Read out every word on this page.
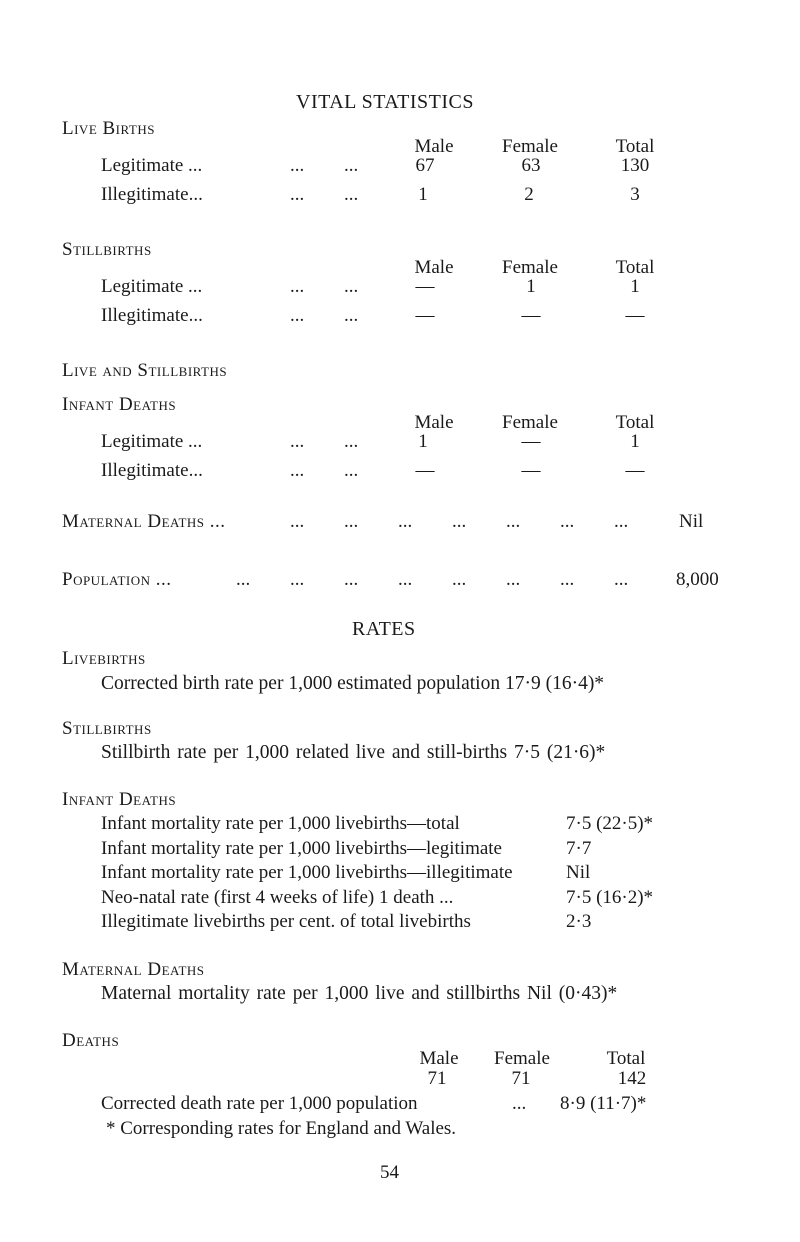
VITAL STATISTICS
Live Births
Male	Female	Total
Legitimate ...	... ...	67	63	130
Illegitimate...	... ...	1	2	3
Stillbirths
Male	Female	Total
Legitimate ...	... ...	—	1	1
Illegitimate...	... ...	—	—	—
Live and Stillbirths
Infant Deaths
Male	Female	Total
Legitimate ...	... ...	1	—	1
Illegitimate...	... ...	—	—	—
Maternal Deaths ...	... ... ... ... ... ... ...	Nil
Population ...	... ... ... ... ... ... ... ...	8,000
RATES
Livebirths
Corrected birth rate per 1,000 estimated population 17·9 (16·4)*
Stillbirths
Stillbirth rate per 1,000 related live and still-births 7·5 (21·6)*
Infant Deaths
Infant mortality rate per 1,000 livebirths—total	7·5 (22·5)*
Infant mortality rate per 1,000 livebirths—legitimate	7·7
Infant mortality rate per 1,000 livebirths—illegitimate	Nil
Neo-natal rate (first 4 weeks of life) 1 death ...	7·5 (16·2)*
Illegitimate livebirths per cent. of total livebirths	2·3
Maternal Deaths
Maternal mortality rate per 1,000 live and stillbirths Nil (0·43)*
Deaths
Male	Female	Total
71	71	142
Corrected death rate per 1,000 population	... 8·9 (11·7)*
* Corresponding rates for England and Wales.
54
